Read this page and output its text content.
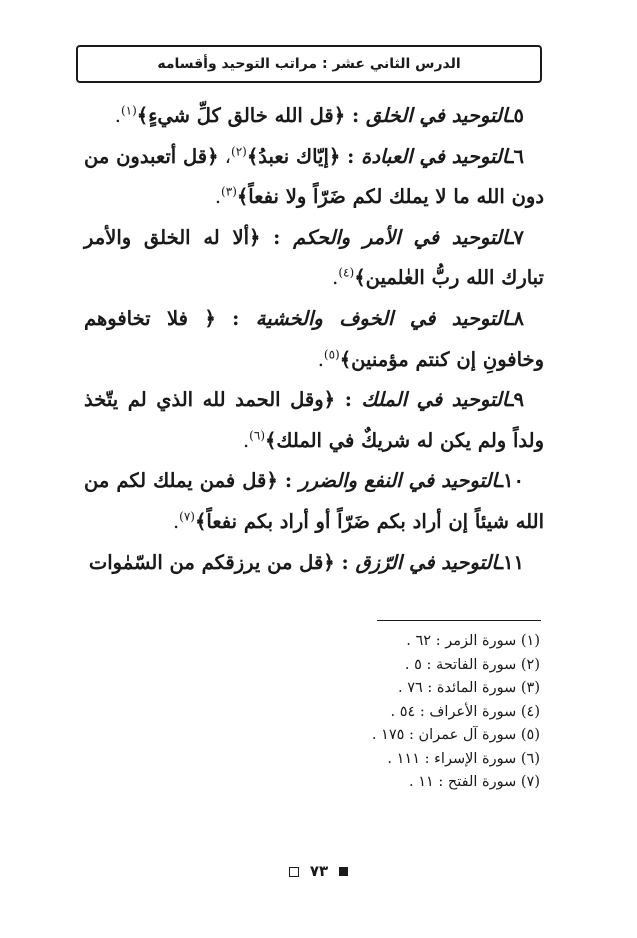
الدرس الثاني عشر : مراتب التوحيد وأقسامه

٥ـالتوحيد في الخلق : ﴿قل الله خالق كلِّ شيءٍ﴾$^{(١)}$.

٦ـالتوحيد في العبادة : ﴿إيّاك نعبدُ﴾$^{(٢)}$، ﴿قل أتعبدون من دون الله ما لا يملك لكم ضَرّاً ولا نفعاً﴾$^{(٣)}$.

٧ـالتوحيد في الأمر والحكم : ﴿ألا له الخلق والأمر تبارك الله ربُّ العٰلمين﴾$^{(٤)}$.

٨ـالتوحيد في الخوف والخشية : ﴿ فلا تخافوهم وخافونِ إن كنتم مؤمنين﴾$^{(٥)}$.

٩ـالتوحيد في الملك : ﴿وقل الحمد لله الذي لم يتّخذ ولداً ولم يكن له شريكٌ في الملك﴾$^{(٦)}$.

١٠ـالتوحيد في النفع والضرر : ﴿قل فمن يملك لكم من الله شيئاً إن أراد بكم ضَرّاً أو أراد بكم نفعاً﴾$^{(٧)}$.

١١ـالتوحيد في الرّزق : ﴿قل من يرزقكم من السّمٰوات

(١) سورة الزمر : ٦٢ .
(٢) سورة الفاتحة : ٥ .
(٣) سورة المائدة : ٧٦ .
(٤) سورة الأعراف : ٥٤ .
(٥) سورة آل عمران : ١٧٥ .
(٦) سورة الإسراء : ١١١ .
(٧) سورة الفتح : ١١ .
٧٣
